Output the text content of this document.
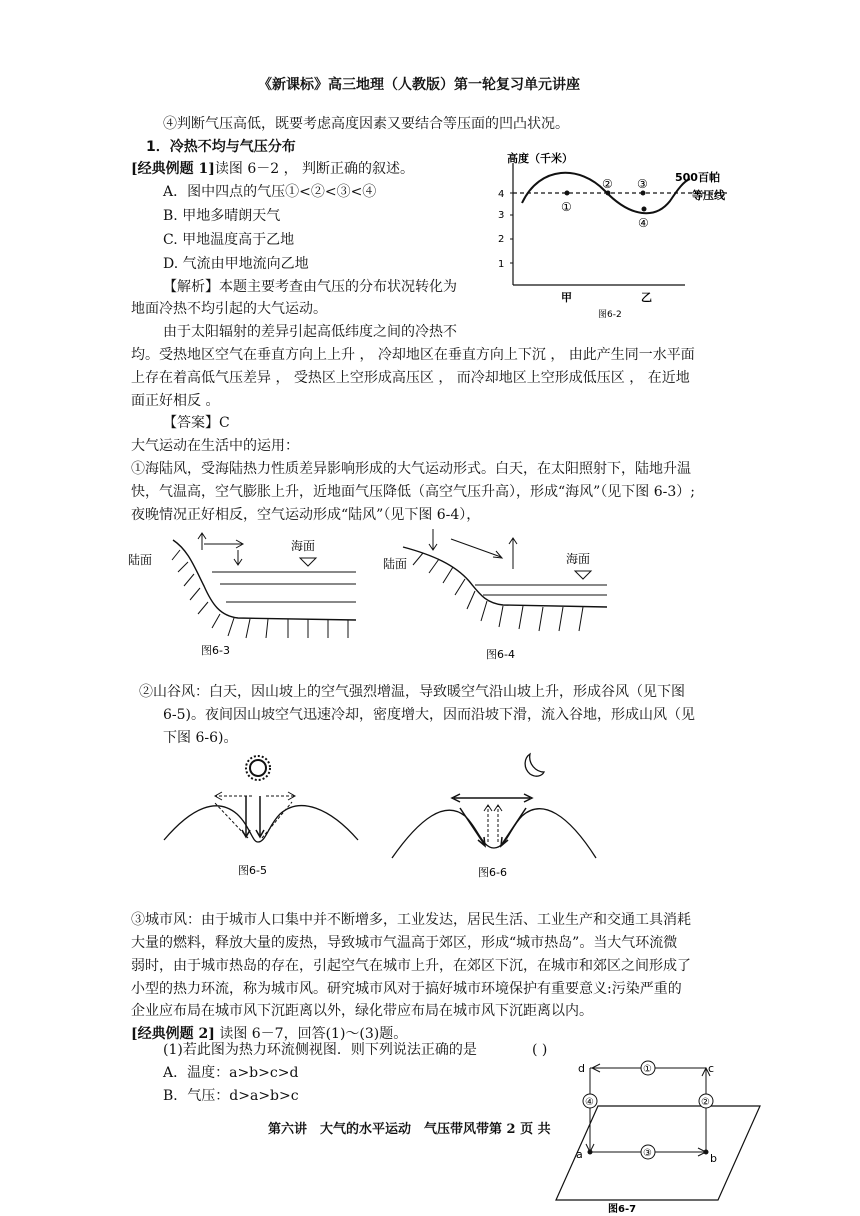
《新课标》高三地理（人教版）第一轮复习单元讲座
④判断气压高低，既要考虑高度因素又要结合等压面的凹凸状况。
1．冷热不均与气压分布
[经典例题 1]读图 6－2 ， 判断正确的叙述。
A．图中四点的气压①<②<③<④
B. 甲地多晴朗天气
C. 甲地温度高于乙地
D. 气流由甲地流向乙地
【解析】本题主要考查由气压的分布状况转化为
地面冷热不均引起的大气运动。
由于太阳辐射的差异引起高低纬度之间的冷热不
均。受热地区空气在垂直方向上上升 ， 冷却地区在垂直方向上下沉 ， 由此产生同一水平面
上存在着高低气压差异 ， 受热区上空形成高压区 ， 而冷却地区上空形成低压区 ， 在近地
面正好相反 。
【答案】C
高度（千米）
4
3
2
1
500百帕
等压线
①
② ③
④
甲	乙
图6-2
大气运动在生活中的运用：
①海陆风，受海陆热力性质差异影响形成的大气运动形式。白天，在太阳照射下，陆地升温
快，气温高，空气膨胀上升，近地面气压降低（高空气压升高），形成“海风”（见下图 6-3）;
夜晚情况正好相反，空气运动形成“陆风”（见下图 6-4），
陆面
海面
图6-3
陆面	海面
图6-4
②山谷风：白天，因山坡上的空气强烈增温，导致暖空气沿山坡上升，形成谷风（见下图
6-5)。夜间因山坡空气迅速冷却，密度增大，因而沿坡下滑，流入谷地，形成山风（见
下图 6-6)。
图6-5	图6-6
③城市风：由于城市人口集中并不断增多，工业发达，居民生活、工业生产和交通工具消耗
大量的燃料，释放大量的废热，导致城市气温高于郊区，形成“城市热岛”。当大气环流微
弱时，由于城市热岛的存在，引起空气在城市上升，在郊区下沉，在城市和郊区之间形成了
小型的热力环流，称为城市风。研究城市风对于搞好城市环境保护有重要意义:污染严重的
企业应布局在城市风下沉距离以外，绿化带应布局在城市风下沉距离以内。
[经典例题 2] 读图 6－7，回答(1)～(3)题。
(1)若此图为热力环流侧视图．则下列说法正确的是	( )
A．温度：a>b>c>d
B．气压：d>a>b>c
d	c
a	b
①
②
③
④
图6-7
第六讲　大气的水平运动　气压带风带第 2 页 共
